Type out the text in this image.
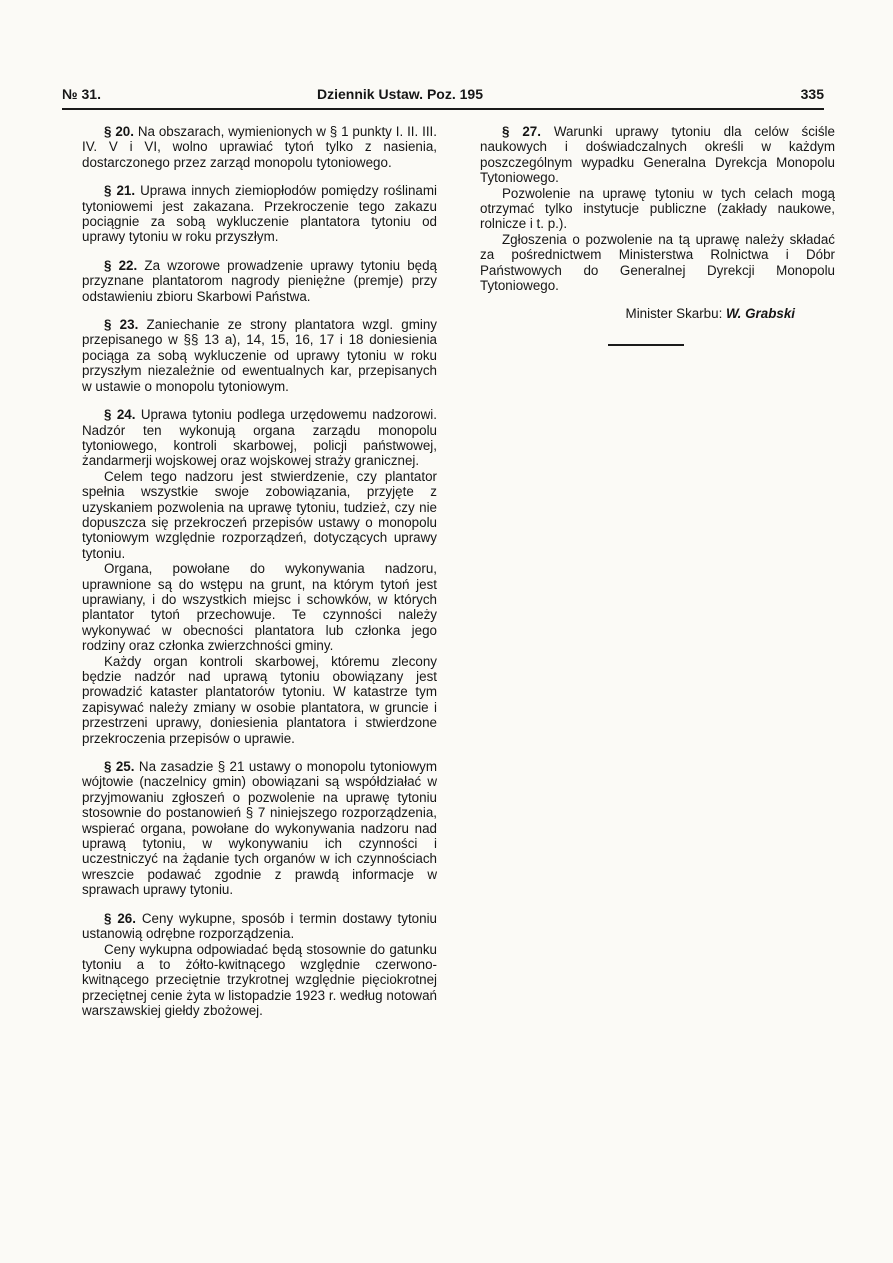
№ 31.	Dziennik Ustaw. Poz. 195	335

§ 20. Na obszarach, wymienionych w § 1 punkty I. II. III. IV. V i VI, wolno uprawiać tytoń tylko z nasienia, dostarczonego przez zarząd monopolu tytoniowego.

§ 21. Uprawa innych ziemiopłodów pomiędzy roślinami tytoniowemi jest zakazana. Przekroczenie tego zakazu pociągnie za sobą wykluczenie plantatora tytoniu od uprawy tytoniu w roku przyszłym.

§ 22. Za wzorowe prowadzenie uprawy tytoniu będą przyznane plantatorom nagrody pieniężne (premje) przy odstawieniu zbioru Skarbowi Państwa.

§ 23. Zaniechanie ze strony plantatora wzgl. gminy przepisanego w §§ 13 a), 14, 15, 16, 17 i 18 doniesienia pociąga za sobą wykluczenie od uprawy tytoniu w roku przyszłym niezależnie od ewentualnych kar, przepisanych w ustawie o monopolu tytoniowym.

§ 24. Uprawa tytoniu podlega urzędowemu nadzorowi. Nadzór ten wykonują organa zarządu monopolu tytoniowego, kontroli skarbowej, policji państwowej, żandarmerji wojskowej oraz wojskowej straży granicznej.

Celem tego nadzoru jest stwierdzenie, czy plantator spełnia wszystkie swoje zobowiązania, przyjęte z uzyskaniem pozwolenia na uprawę tytoniu, tudzież, czy nie dopuszcza się przekroczeń przepisów ustawy o monopolu tytoniowym względnie rozporządzeń, dotyczących uprawy tytoniu.

Organa, powołane do wykonywania nadzoru, uprawnione są do wstępu na grunt, na którym tytoń jest uprawiany, i do wszystkich miejsc i schowków, w których plantator tytoń przechowuje. Te czynności należy wykonywać w obecności plantatora lub członka jego rodziny oraz członka zwierzchności gminy.

Każdy organ kontroli skarbowej, któremu zlecony będzie nadzór nad uprawą tytoniu obowiązany jest prowadzić kataster plantatorów tytoniu. W katastrze tym zapisywać należy zmiany w osobie plantatora, w gruncie i przestrzeni uprawy, doniesienia plantatora i stwierdzone przekroczenia przepisów o uprawie.

§ 25. Na zasadzie § 21 ustawy o monopolu tytoniowym wójtowie (naczelnicy gmin) obowiązani są współdziałać w przyjmowaniu zgłoszeń o pozwolenie na uprawę tytoniu stosownie do postanowień § 7 niniejszego rozporządzenia, wspierać organa, powołane do wykonywania nadzoru nad uprawą tytoniu, w wykonywaniu ich czynności i uczestniczyć na żądanie tych organów w ich czynnościach wreszcie podawać zgodnie z prawdą informacje w sprawach uprawy tytoniu.

§ 26. Ceny wykupne, sposób i termin dostawy tytoniu ustanowią odrębne rozporządzenia.

Ceny wykupna odpowiadać będą stosownie do gatunku tytoniu a to żółto-kwitnącego względnie czerwono-kwitnącego przeciętnie trzykrotnej względnie pięciokrotnej przeciętnej cenie żyta w listopadzie 1923 r. według notowań warszawskiej giełdy zbożowej.

§ 27. Warunki uprawy tytoniu dla celów ściśle naukowych i doświadczalnych określi w każdym poszczególnym wypadku Generalna Dyrekcja Monopolu Tytoniowego.

Pozwolenie na uprawę tytoniu w tych celach mogą otrzymać tylko instytucje publiczne (zakłady naukowe, rolnicze i t. p.).

Zgłoszenia o pozwolenie na tą uprawę należy składać za pośrednictwem Ministerstwa Rolnictwa i Dóbr Państwowych do Generalnej Dyrekcji Monopolu Tytoniowego.

Minister Skarbu: W. Grabski
